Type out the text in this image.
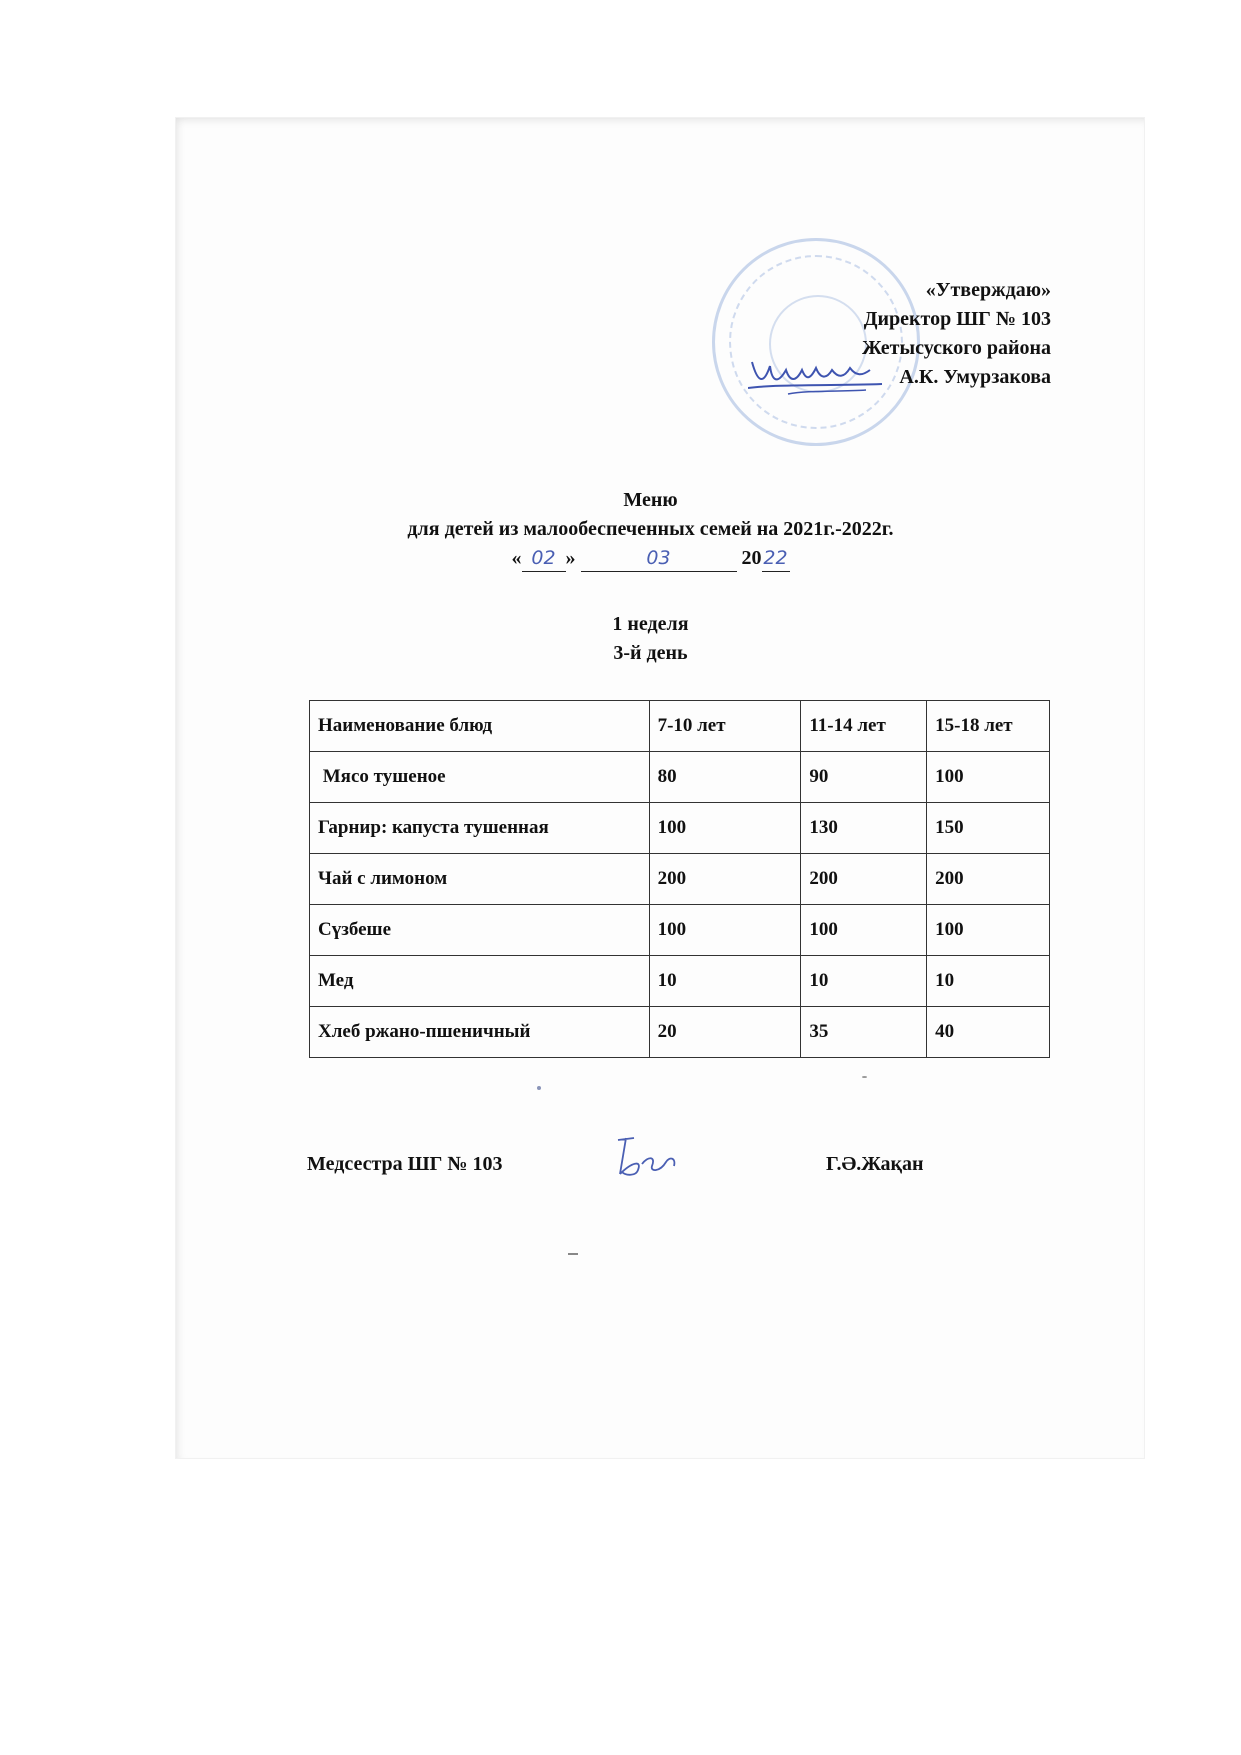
«Утверждаю»
Директор ШГ № 103
Жетысуского района
А.К. Умурзакова
Меню
для детей из малообеспеченных семей на 2021г.-2022г.
« 02 »	03	20 22
1 неделя
3-й день
Наименование блюд	7-10 лет	11-14 лет	15-18 лет
Мясо тушеное	80	90	100
Гарнир: капуста тушенная	100	130	150
Чай с лимоном	200	200	200
Сүзбеше	100	100	100
Мед	10	10	10
Хлеб ржано-пшеничный	20	35	40
Медсестра ШГ № 103	Г.Ә.Жақан
